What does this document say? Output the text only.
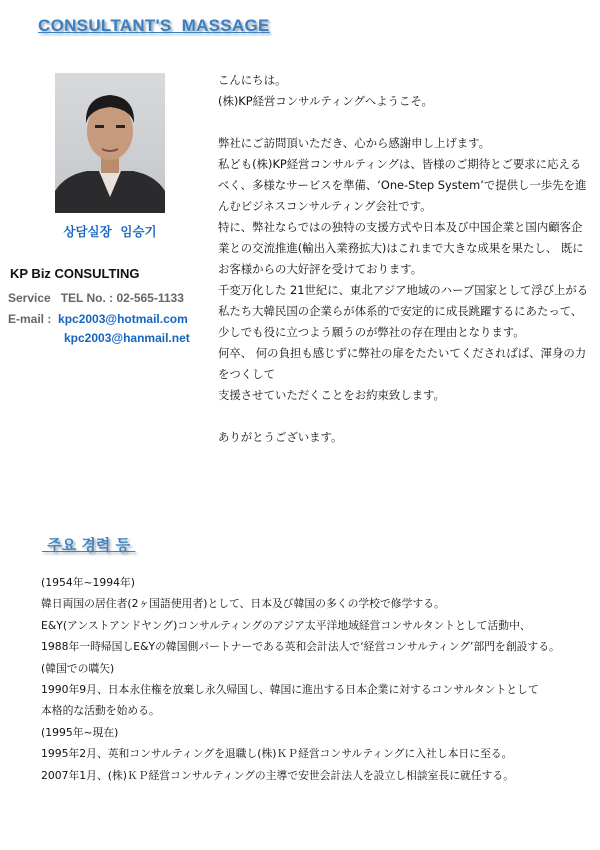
CONSULTANT'S  MASSAGE
상담실장  임승기
KP Biz CONSULTING
Service   TEL No. : 02-565-1133
E-mail :  kpc2003@hotmail.com
kpc2003@hanmail.net

こんにちは。

(株)KP経営コンサルティングへようこそ。

弊社にご訪問頂いただき、心から感謝申し上げます。

私ども(株)KP経営コンサルティングは、皆様のご期待とご要求に応えるべく、多様なサービスを準備、‘One-Step System’で提供し一歩先を進んむビジネスコンサルティング会社です。

特に、弊社ならではの独特の支援方式や日本及び中国企業と国内顧客企業との交流推進(輸出入業務拡大)はこれまで大きな成果を果たし、 既にお客様からの大好評を受けております。

千変万化した 21世紀に、東北アジア地域のハーブ国家として浮び上がる私たち大韓民国の企業らが体系的で安定的に成長跳躍するにあたって、少しでも役に立つよう願うのが弊社の存在理由となります。

何卒、 何の負担も感じずに弊社の扉をたたいてくださればば、渾身の力をつくして

支援させていただくことをお約束致します。

ありがとうございます。

주요 경력 등

(1954年~1994年)

韓日両国の居住者(2ヶ国語使用者)として、日本及び韓国の多くの学校で修学する。

E&Y(アンストアンドヤング)コンサルティングのアジア太平洋地域経営コンサルタントとして活動中、

1988年一時帰国しE&Yの韓国側パートナーである英和会計法人で‘経営コンサルティング’部門を創設する。

(韓国での嚆矢)

1990年9月、日本永住権を放棄し永久帰国し、韓国に進出する日本企業に対するコンサルタントとして

本格的な活動を始める。

(1995年~現在)

1995年2月、英和コンサルティングを退職し(株)ＫＰ経営コンサルティングに入社し本日に至る。

2007年1月、(株)ＫＰ経営コンサルティングの主導で安世会計法人を設立し相談室長に就任する。
